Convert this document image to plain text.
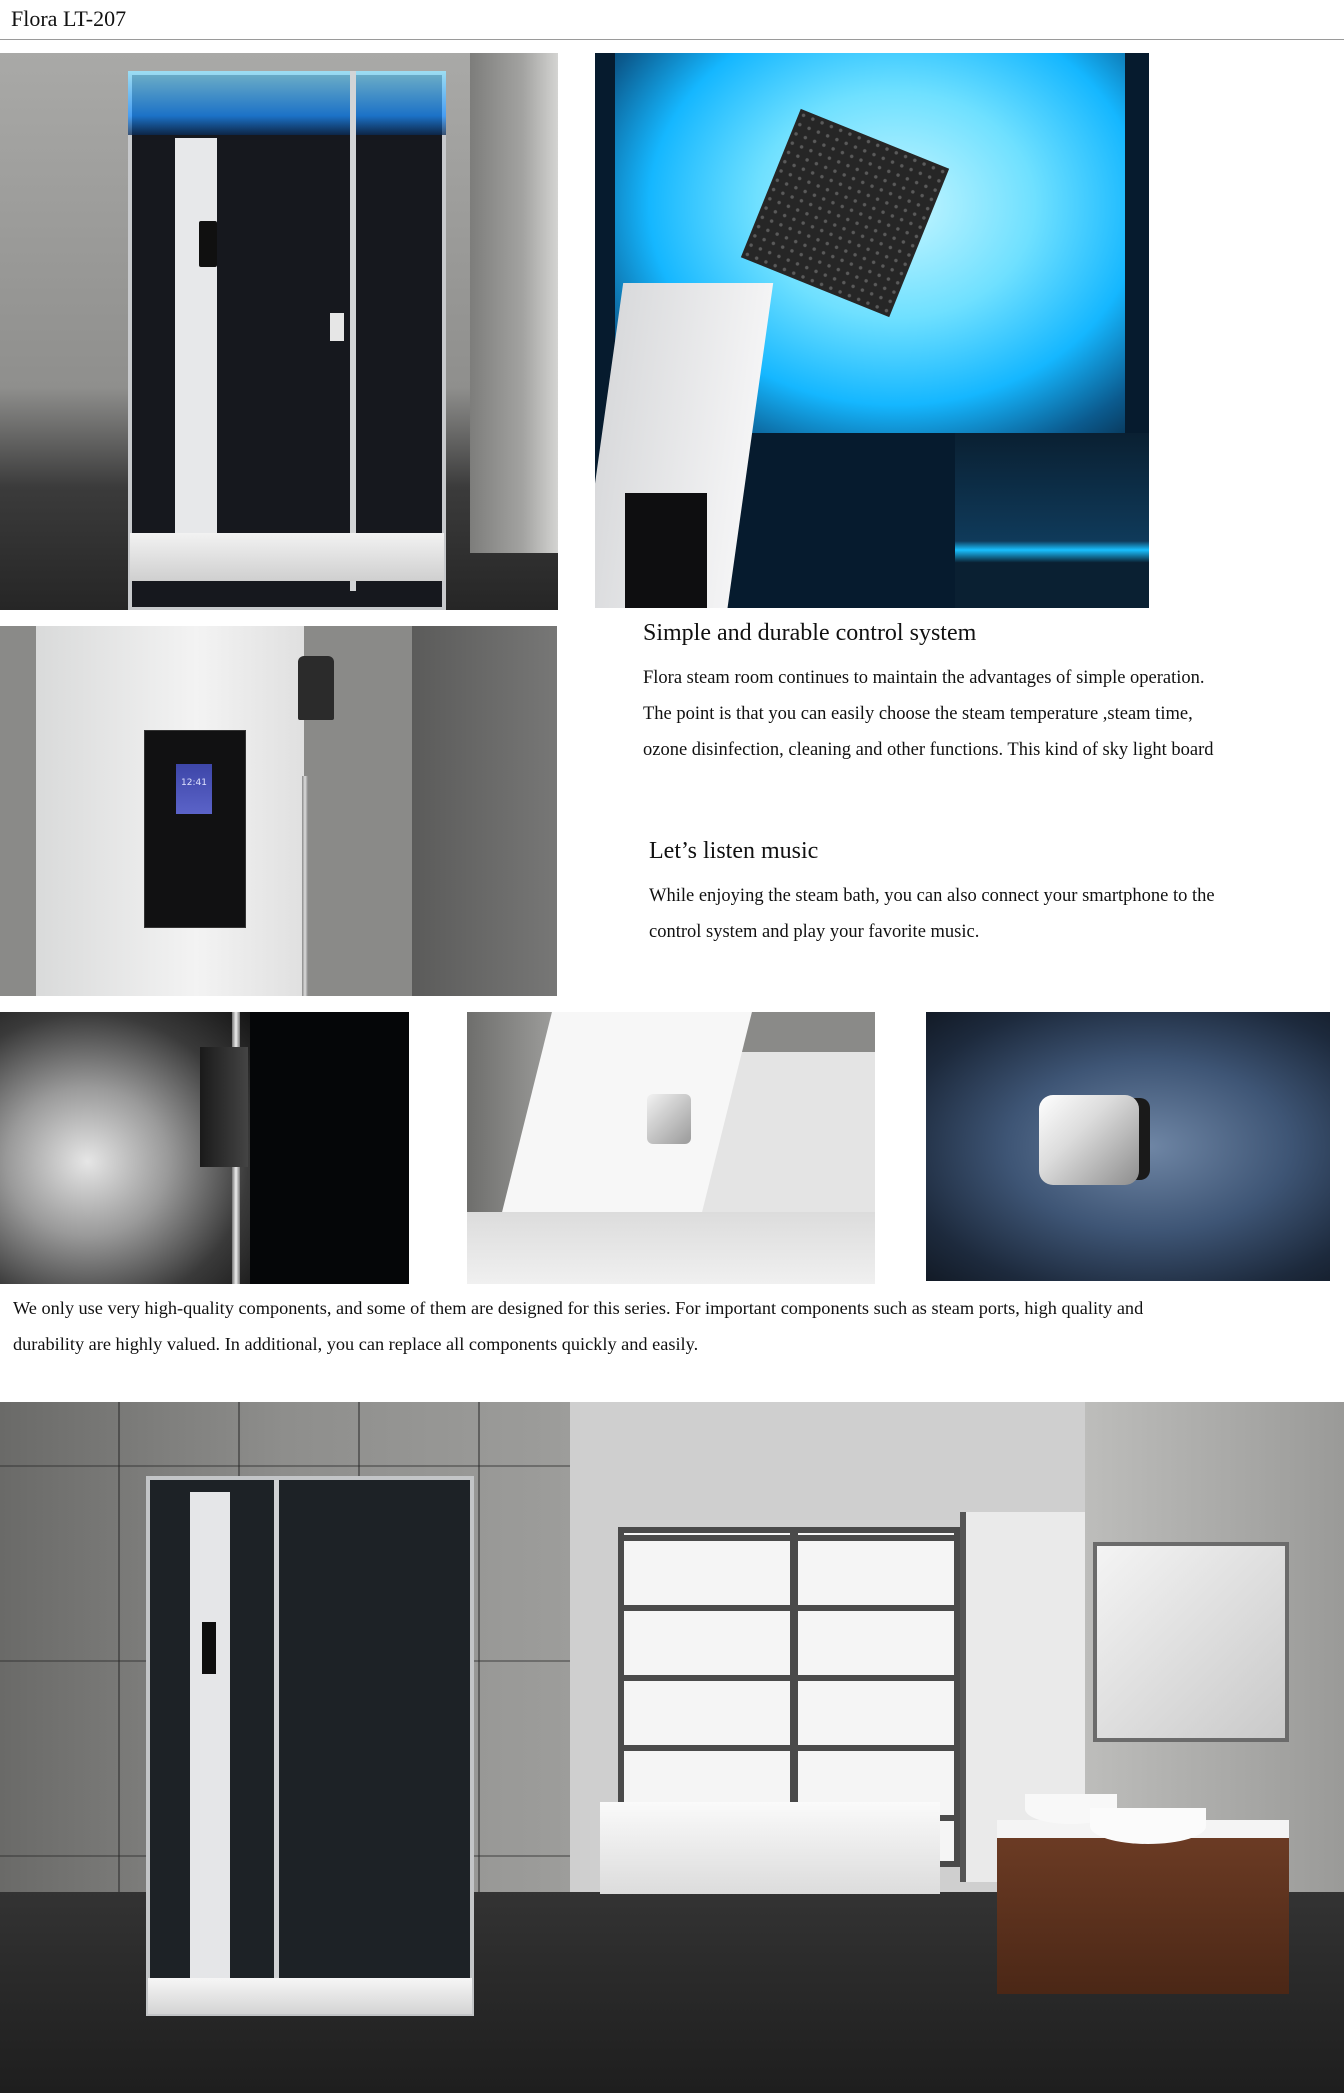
Flora LT-207
12:41
Simple and durable control system
Flora steam room continues to maintain the advantages of simple operation.
The point is that you can easily choose the steam temperature ,steam time,
ozone disinfection, cleaning and other functions. This kind of sky light board
Let’s listen music
While enjoying the steam bath, you can also connect your smartphone to the
control system and play your favorite music.
We only use very high-quality components, and some of them are designed for this series. For important components such as steam ports, high quality and
durability are highly valued. In additional, you can replace all components quickly and easily.
